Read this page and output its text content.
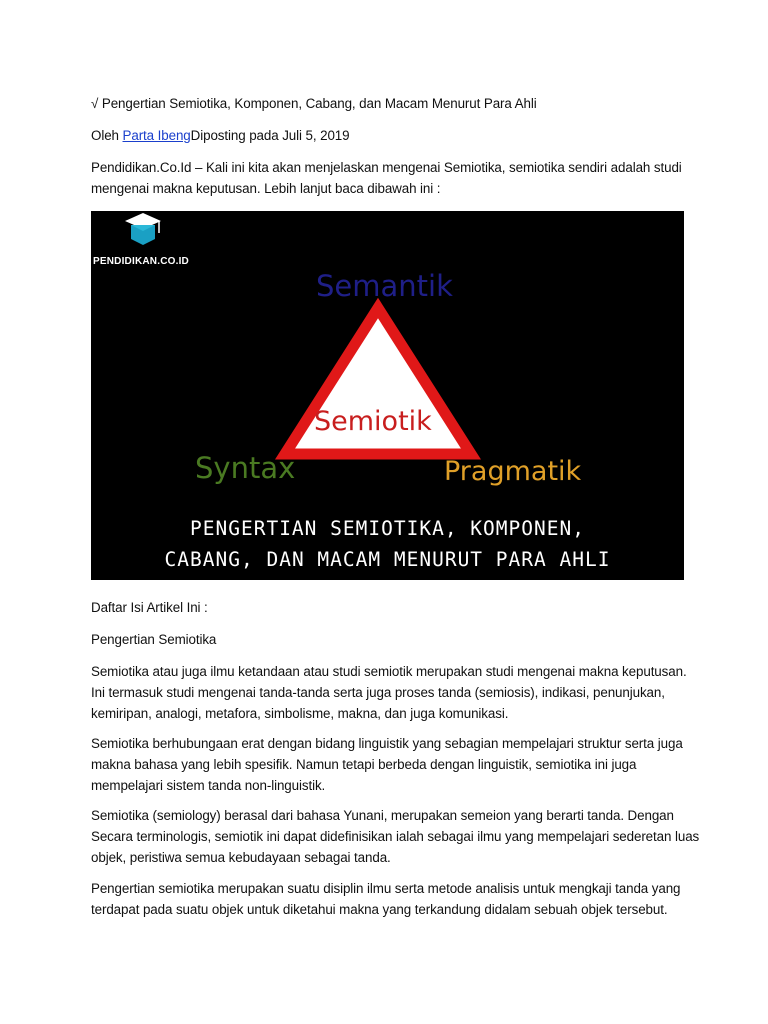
√ Pengertian Semiotika, Komponen, Cabang, dan Macam Menurut Para Ahli
Oleh Parta IbengDiposting pada Juli 5, 2019
Pendidikan.Co.Id – Kali ini kita akan menjelaskan mengenai Semiotika, semiotika sendiri adalah studi
mengenai makna keputusan. Lebih lanjut baca dibawah ini :
PENDIDIKAN.CO.ID
Semantik
Semiotik
Syntax	Pragmatik
PENGERTIAN SEMIOTIKA, KOMPONEN,
CABANG, DAN MACAM MENURUT PARA AHLI
Daftar Isi Artikel Ini :
Pengertian Semiotika
Semiotika atau juga ilmu ketandaan atau studi semiotik merupakan studi mengenai makna keputusan.
Ini termasuk studi mengenai tanda-tanda serta juga proses tanda (semiosis), indikasi, penunjukan,
kemiripan, analogi, metafora, simbolisme, makna, dan juga komunikasi.
Semiotika berhubungaan erat dengan bidang linguistik yang sebagian mempelajari struktur serta juga
makna bahasa yang lebih spesifik. Namun tetapi berbeda dengan linguistik, semiotika ini juga
mempelajari sistem tanda non-linguistik.
Semiotika (semiology) berasal dari bahasa Yunani, merupakan semeion yang berarti tanda. Dengan
Secara terminologis, semiotik ini dapat didefinisikan ialah sebagai ilmu yang mempelajari sederetan luas
objek, peristiwa semua kebudayaan sebagai tanda.
Pengertian semiotika merupakan suatu disiplin ilmu serta metode analisis untuk mengkaji tanda yang
terdapat pada suatu objek untuk diketahui makna yang terkandung didalam sebuah objek tersebut.
